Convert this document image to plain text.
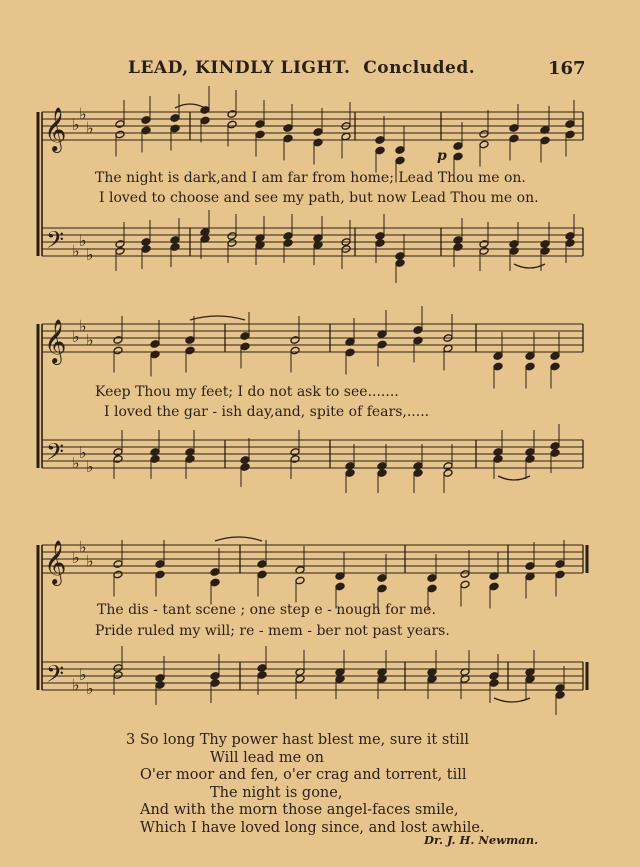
LEAD, KINDLY LIGHT. Concluded.	167
𝄞
𝄢
♭
♭
♭
♭
♭
♭
𝄞
𝄢
♭
♭
♭
♭
♭
♭
𝄞
𝄢
♭
♭
♭
♭
♭
♭
p
The night is dark,and I am far from home; Lead Thou me on.
I loved to choose and see my path, but now Lead Thou me on.
Keep Thou my feet; I do not ask to see.......
I loved the gar - ish day,and, spite of fears,.....
The dis - tant scene ; one step e - nough for me.
Pride ruled my will; re - mem - ber not past years.
3 So long Thy power hast blest me, sure it still
Will lead me on
O'er moor and fen, o'er crag and torrent, till
The night is gone,
And with the morn those angel-faces smile,
Which I have loved long since, and lost awhile.
Dr. J. H. Newman.
